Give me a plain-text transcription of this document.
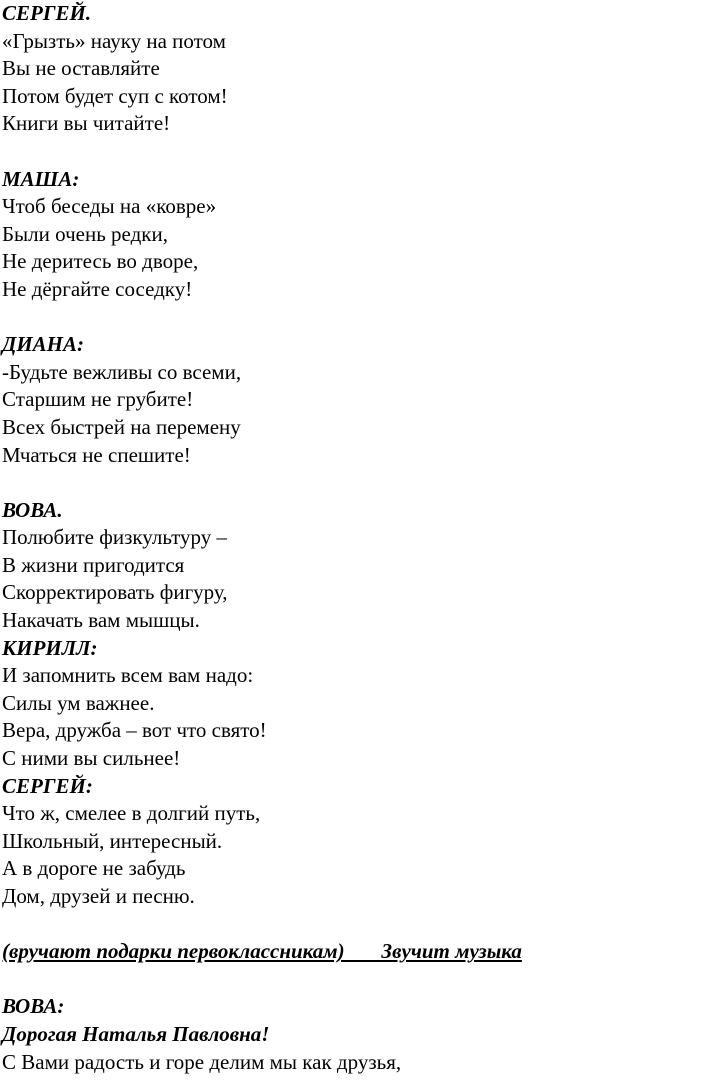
СЕРГЕЙ.
«Грызть» науку на потом
Вы не оставляйте
Потом будет суп с котом!
Книги вы читайте!
МАША:
Чтоб беседы на «ковре»
Были очень редки,
Не деритесь во дворе,
Не дёргайте соседку!
ДИАНА:
-Будьте вежливы со всеми,
Старшим не грубите!
Всех быстрей на перемену
Мчаться не спешите!
ВОВА.
Полюбите физкультуру –
В жизни пригодится
Скорректировать фигуру,
Накачать вам мышцы.
КИРИЛЛ:
И запомнить всем вам надо:
Силы ум важнее.
Вера, дружба – вот что свято!
С ними вы сильнее!
СЕРГЕЙ:
Что ж, смелее в долгий путь,
Школьный, интересный.
А в дороге не забудь
Дом, друзей и песню.
(вручают подарки первоклассникам)       Звучит музыка
ВОВА:
Дорогая Наталья Павловна!
С Вами радость и горе делим мы как друзья,
